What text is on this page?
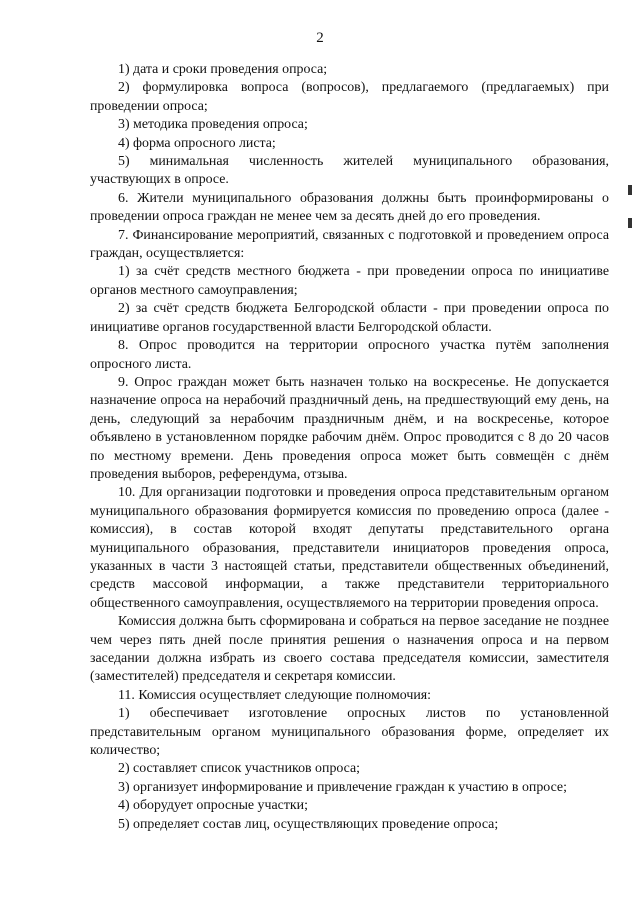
2

1) дата и сроки проведения опроса;

2) формулировка вопроса (вопросов), предлагаемого (предлагаемых) при проведении опроса;

3) методика проведения опроса;

4) форма опросного листа;

5) минимальная численность жителей муниципального образования, участвующих в опросе.

6. Жители муниципального образования должны быть проинформированы о проведении опроса граждан не менее чем за десять дней до его проведения.

7. Финансирование мероприятий, связанных с подготовкой и проведением опроса граждан, осуществляется:

1) за счёт средств местного бюджета - при проведении опроса по инициативе органов местного самоуправления;

2) за счёт средств бюджета Белгородской области - при проведении опроса по инициативе органов государственной власти Белгородской области.

8. Опрос проводится на территории опросного участка путём заполнения опросного листа.

9. Опрос граждан может быть назначен только на воскресенье. Не допускается назначение опроса на нерабочий праздничный день, на предшествующий ему день, на день, следующий за нерабочим праздничным днём, и на воскресенье, которое объявлено в установленном порядке рабочим днём. Опрос проводится с 8 до 20 часов по местному времени. День проведения опроса может быть совмещён с днём проведения выборов, референдума, отзыва.

10. Для организации подготовки и проведения опроса представительным органом муниципального образования формируется комиссия по проведению опроса (далее - комиссия), в состав которой входят депутаты представительного органа муниципального образования, представители инициаторов проведения опроса, указанных в части 3 настоящей статьи, представители общественных объединений, средств массовой информации, а также представители территориального общественного самоуправления, осуществляемого на территории проведения опроса.

Комиссия должна быть сформирована и собраться на первое заседание не позднее чем через пять дней после принятия решения о назначения опроса и на первом заседании должна избрать из своего состава председателя комиссии, заместителя (заместителей) председателя и секретаря комиссии.

11. Комиссия осуществляет следующие полномочия:

1) обеспечивает изготовление опросных листов по установленной представительным органом муниципального образования форме, определяет их количество;

2) составляет список участников опроса;

3) организует информирование и привлечение граждан к участию в опросе;

4) оборудует опросные участки;

5) определяет состав лиц, осуществляющих проведение опроса;
